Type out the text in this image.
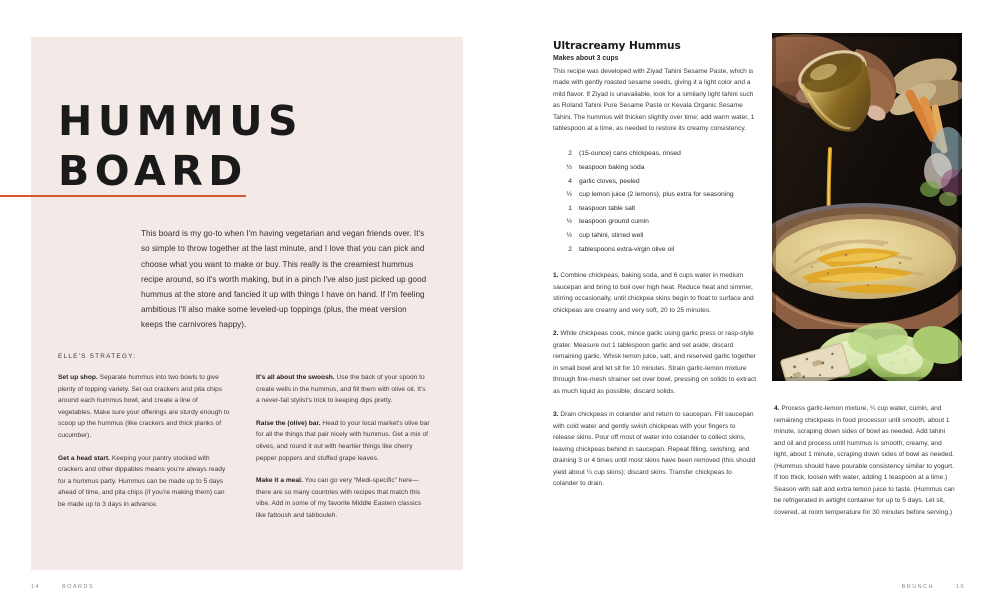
HUMMUS
BOARD

This board is my go-to when I'm having vegetarian and vegan friends over. It's so simple to throw together at the last minute, and I love that you can pick and choose what you want to make or buy. This really is the creamiest hummus recipe around, so it's worth making, but in a pinch I've also just picked up good hummus at the store and fancied it up with things I have on hand. If I'm feeling ambitious I'll also make some leveled-up toppings (plus, the meat version keeps the carnivores happy).

ELLE'S STRATEGY:

Set up shop. Separate hummus into two bowls to give plenty of topping variety. Set out crackers and pita chips around each hummus bowl, and create a line of vegetables. Make sure your offerings are sturdy enough to scoop up the hummus (like crackers and thick planks of cucumber).

Get a head start. Keeping your pantry stocked with crackers and other dippables means you're always ready for a hummus party. Hummus can be made up to 5 days ahead of time, and pita chips (if you're making them) can be made up to 3 days in advance.

It's all about the swoosh. Use the back of your spoon to create wells in the hummus, and fill them with olive oil. It's a never-fail stylist's trick to keeping dips pretty.

Raise the (olive) bar. Head to your local market's olive bar for all the things that pair nicely with hummus. Get a mix of olives, and round it out with heartier things like cherry pepper poppers and stuffed grape leaves.

Make it a meal. You can go very “Medi-specific” here—there are so many countries with recipes that match this vibe. Add in some of my favorite Middle Eastern classics like fattoush and tabbouleh.

14	BOARDS
Ultracreamy Hummus
Makes about 3 cups

This recipe was developed with Ziyad Tahini Sesame Paste, which is made with gently roasted sesame seeds, giving it a light color and a mild flavor. If Ziyad is unavailable, look for a similarly light tahini such as Roland Tahini Pure Sesame Paste or Kevala Organic Sesame Tahini. The hummus will thicken slightly over time; add warm water, 1 tablespoon at a time, as needed to restore its creamy consistency.

2	(15-ounce) cans chickpeas, rinsed
½	teaspoon baking soda
4	garlic cloves, peeled
½	cup lemon juice (2 lemons), plus extra for seasoning
1	teaspoon table salt
½	teaspoon ground cumin
½	cup tahini, stirred well
2	tablespoons extra-virgin olive oil

1. Combine chickpeas, baking soda, and 6 cups water in medium saucepan and bring to boil over high heat. Reduce heat and simmer, stirring occasionally, until chickpea skins begin to float to surface and chickpeas are creamy and very soft, 20 to 25 minutes.

2. While chickpeas cook, mince garlic using garlic press or rasp-style grater. Measure out 1 tablespoon garlic and set aside; discard remaining garlic. Whisk lemon juice, salt, and reserved garlic together in small bowl and let sit for 10 minutes. Strain garlic-lemon mixture through fine-mesh strainer set over bowl, pressing on solids to extract as much liquid as possible; discard solids.

3. Drain chickpeas in colander and return to saucepan. Fill saucepan with cold water and gently swish chickpeas with your fingers to release skins. Pour off most of water into colander to collect skins, leaving chickpeas behind in saucepan. Repeat filling, swishing, and draining 3 or 4 times until most skins have been removed (this should yield about ¼ cup skins); discard skins. Transfer chickpeas to colander to drain.

4. Process garlic-lemon mixture, ¼ cup water, cumin, and remaining chickpeas in food processor until smooth, about 1 minute, scraping down sides of bowl as needed. Add tahini and oil and process until hummus is smooth, creamy, and light, about 1 minute, scraping down sides of bowl as needed. (Hummus should have pourable consistency similar to yogurt. If too thick, loosen with water, adding 1 teaspoon at a time.) Season with salt and extra lemon juice to taste. (Hummus can be refrigerated in airtight container for up to 5 days. Let sit, covered, at room temperature for 30 minutes before serving.)

BRUNCH	15
